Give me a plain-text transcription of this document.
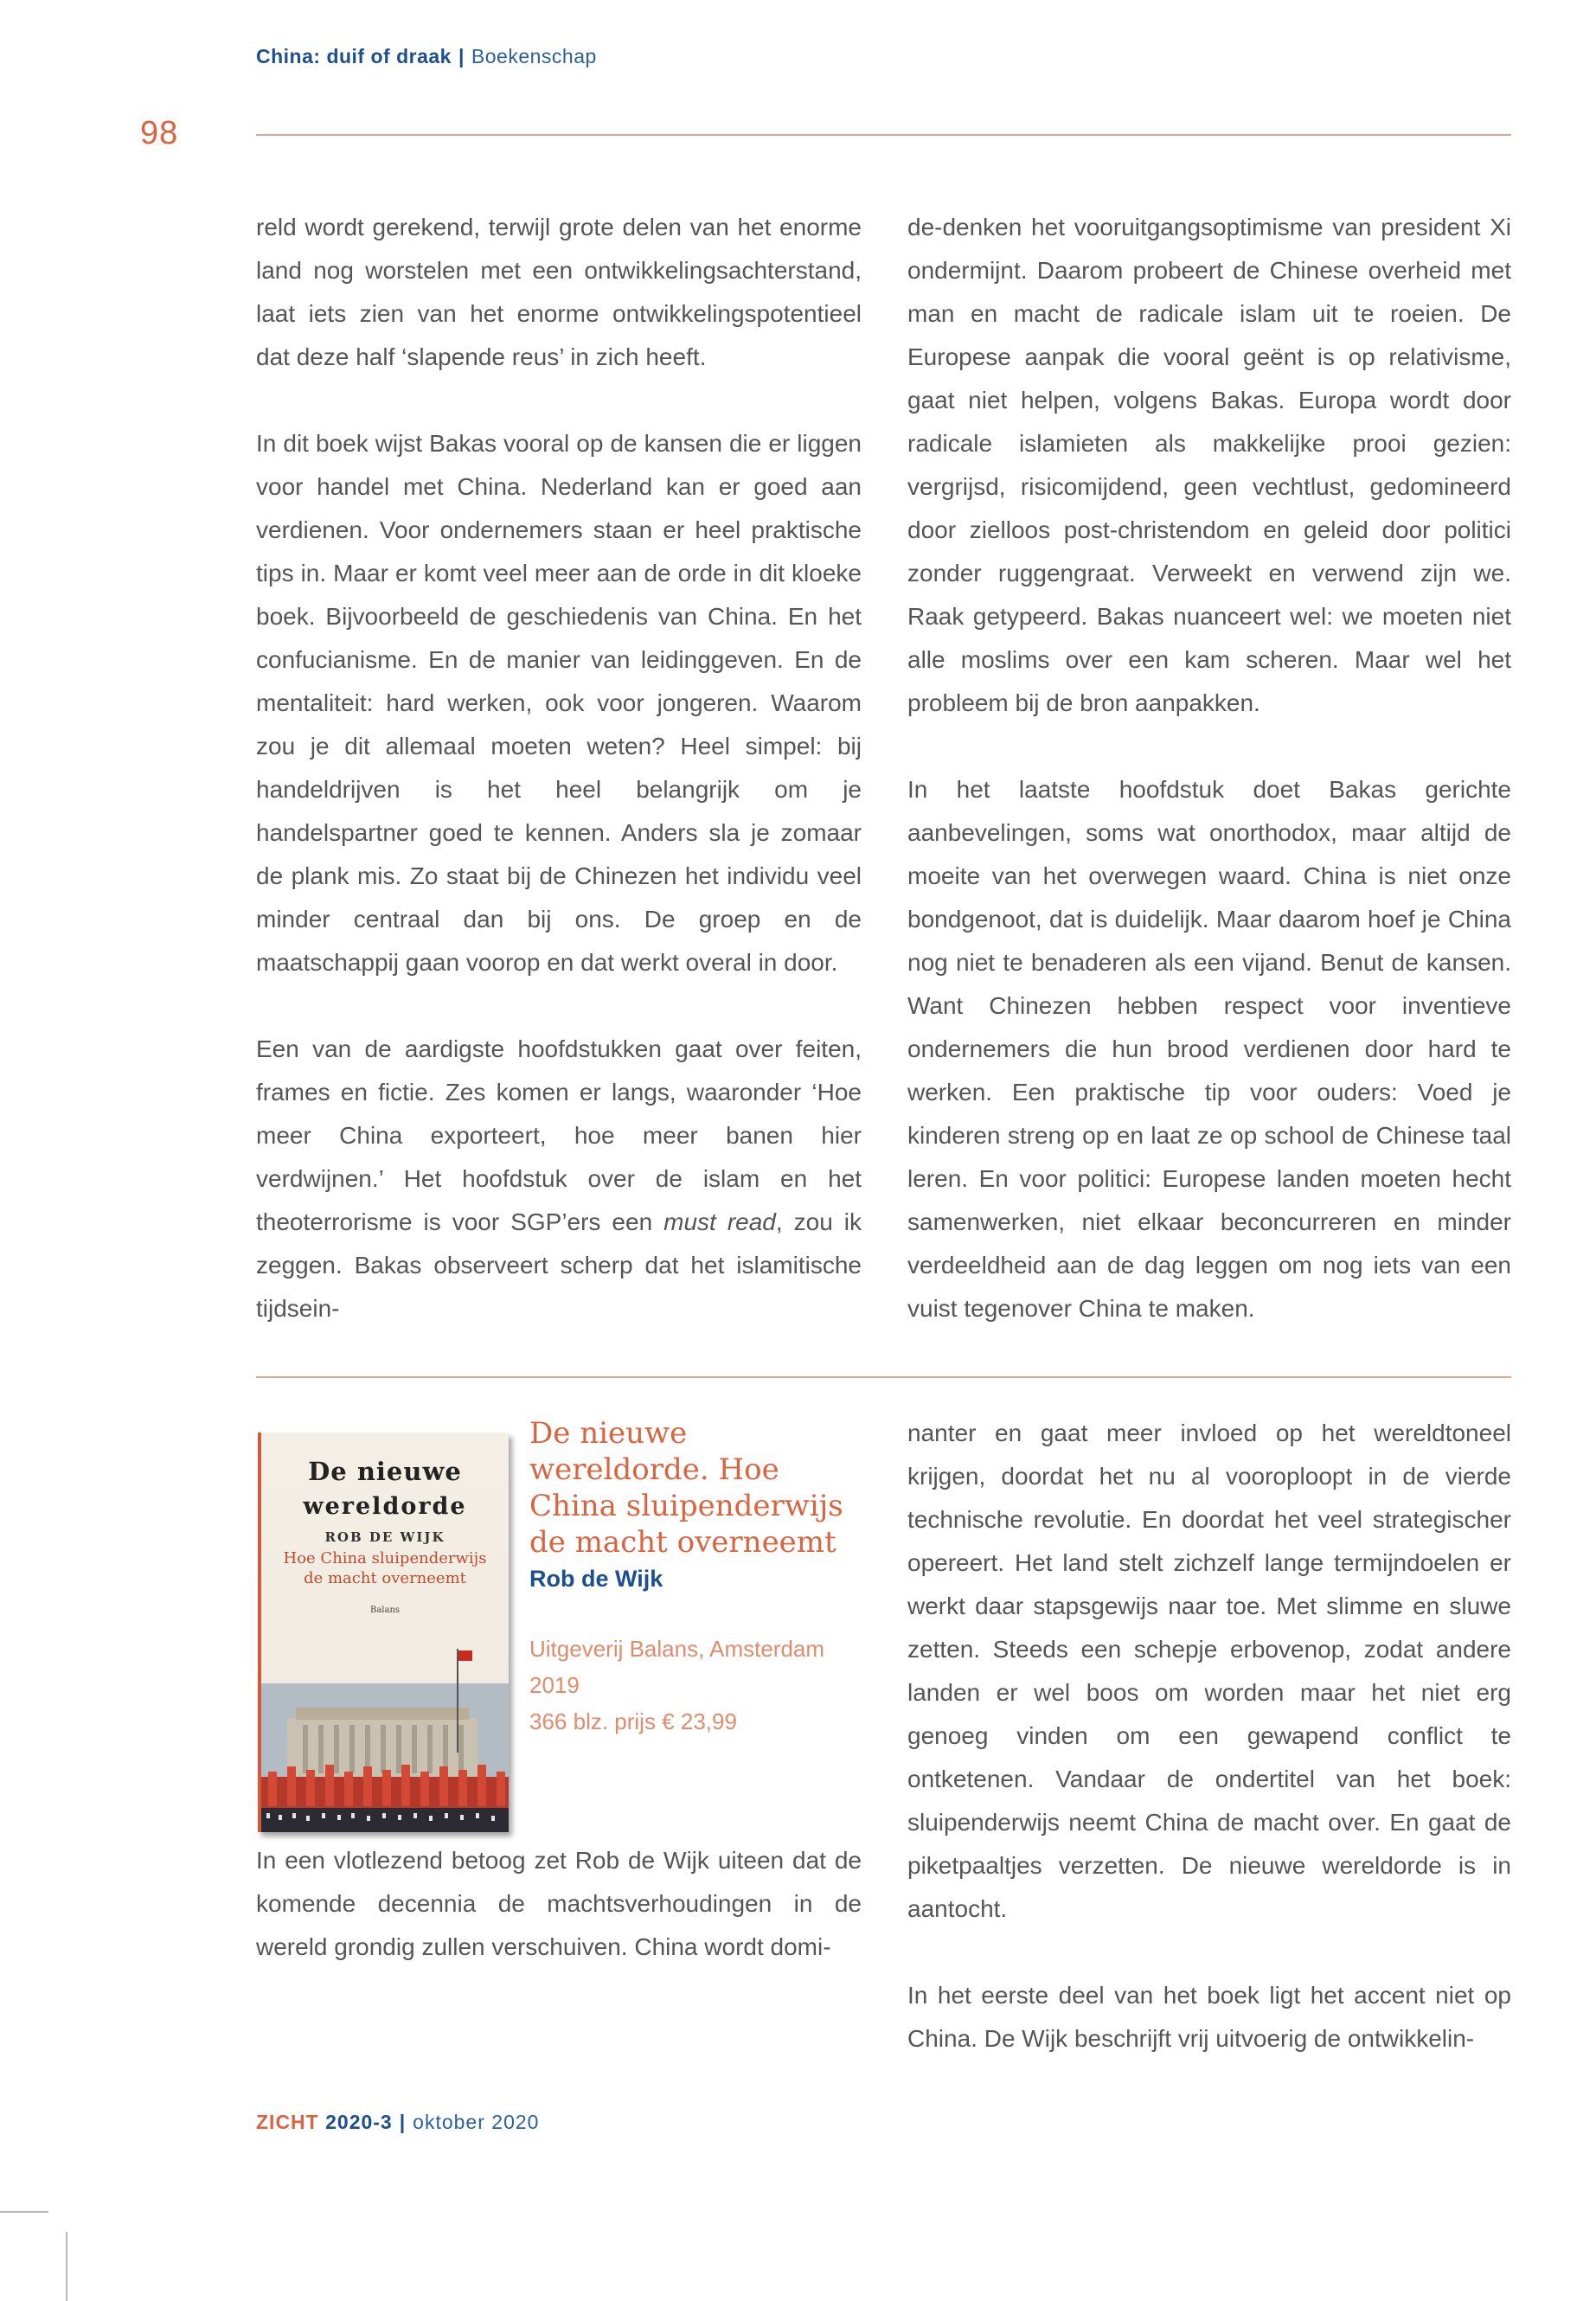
China: duif of draak | Boekenschap
98

reld wordt gerekend, terwijl grote delen van het enorme land nog worstelen met een ontwikkelingsachterstand, laat iets zien van het enorme ontwikkelingspotentieel dat deze half ‘slapende reus’ in zich heeft.

In dit boek wijst Bakas vooral op de kansen die er liggen voor handel met China. Nederland kan er goed aan verdienen. Voor ondernemers staan er heel praktische tips in. Maar er komt veel meer aan de orde in dit kloeke boek. Bijvoorbeeld de geschiedenis van China. En het confucianisme. En de manier van leidinggeven. En de mentaliteit: hard werken, ook voor jongeren. Waarom zou je dit allemaal moeten weten? Heel simpel: bij handeldrijven is het heel belangrijk om je handelspartner goed te kennen. Anders sla je zomaar de plank mis. Zo staat bij de Chinezen het individu veel minder centraal dan bij ons. De groep en de maatschappij gaan voorop en dat werkt overal in door.

Een van de aardigste hoofdstukken gaat over feiten, frames en fictie. Zes komen er langs, waaronder ‘Hoe meer China exporteert, hoe meer banen hier verdwijnen.’ Het hoofdstuk over de islam en het theoterrorisme is voor SGP’ers een must read, zou ik zeggen. Bakas observeert scherp dat het islamitische tijdsein-

de-denken het vooruitgangsoptimisme van president Xi ondermijnt. Daarom probeert de Chinese overheid met man en macht de radicale islam uit te roeien. De Europese aanpak die vooral geënt is op relativisme, gaat niet helpen, volgens Bakas. Europa wordt door radicale islamieten als makkelijke prooi gezien: vergrijsd, risicomijdend, geen vechtlust, gedomineerd door zielloos post-christendom en geleid door politici zonder ruggengraat. Verweekt en verwend zijn we. Raak getypeerd. Bakas nuanceert wel: we moeten niet alle moslims over een kam scheren. Maar wel het probleem bij de bron aanpakken.

In het laatste hoofdstuk doet Bakas gerichte aanbevelingen, soms wat onorthodox, maar altijd de moeite van het overwegen waard. China is niet onze bondgenoot, dat is duidelijk. Maar daarom hoef je China nog niet te benaderen als een vijand. Benut de kansen. Want Chinezen hebben respect voor inventieve ondernemers die hun brood verdienen door hard te werken. Een praktische tip voor ouders: Voed je kinderen streng op en laat ze op school de Chinese taal leren. En voor politici: Europese landen moeten hecht samenwerken, niet elkaar beconcurreren en minder verdeeldheid aan de dag leggen om nog iets van een vuist tegenover China te maken.

De nieuwe
wereldorde
ROB DE WIJK
Hoe China sluipenderwijs
de macht overneemt
Balans
De nieuwe wereldorde. Hoe China sluipenderwijs de macht overneemt
Rob de Wijk
Uitgeverij Balans, Amsterdam
2019
366 blz. prijs € 23,99

In een vlotlezend betoog zet Rob de Wijk uiteen dat de komende decennia de machtsverhoudingen in de wereld grondig zullen verschuiven. China wordt domi-

nanter en gaat meer invloed op het wereldtoneel krijgen, doordat het nu al vooroploopt in de vierde technische revolutie. En doordat het veel strategischer opereert. Het land stelt zichzelf lange termijndoelen er werkt daar stapsgewijs naar toe. Met slimme en sluwe zetten. Steeds een schepje erbovenop, zodat andere landen er wel boos om worden maar het niet erg genoeg vinden om een gewapend conflict te ontketenen. Vandaar de ondertitel van het boek: sluipenderwijs neemt China de macht over. En gaat de piketpaaltjes verzetten. De nieuwe wereldorde is in aantocht.

In het eerste deel van het boek ligt het accent niet op China. De Wijk beschrijft vrij uitvoerig de ontwikkelin-

ZICHT 2020-3 | oktober 2020
